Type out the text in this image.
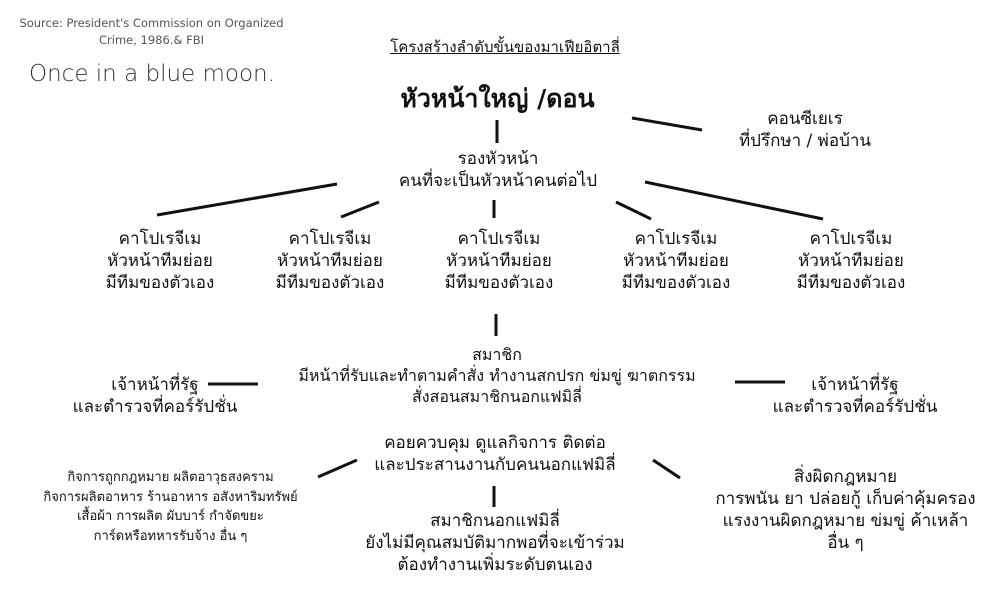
Source: President's Commission on Organized
Crime, 1986.& FBI
Once in a blue moon.
โครงสร้างลำดับขั้นของมาเฟียอิตาลี่
หัวหน้าใหญ่ /ดอน
คอนซีเยเร
ที่ปรึกษา / พ่อบ้าน
รองหัวหน้า
คนที่จะเป็นหัวหน้าคนต่อไป
คาโปเรจีเม
หัวหน้าทีมย่อย
มีทีมของตัวเอง
คาโปเรจีเม
หัวหน้าทีมย่อย
มีทีมของตัวเอง
คาโปเรจีเม
หัวหน้าทีมย่อย
มีทีมของตัวเอง
คาโปเรจีเม
หัวหน้าทีมย่อย
มีทีมของตัวเอง
คาโปเรจีเม
หัวหน้าทีมย่อย
มีทีมของตัวเอง
สมาชิก
มีหน้าที่รับและทำตามคำสั่ง ทำงานสกปรก ข่มขู่ ฆาตกรรม
สั่งสอนสมาชิกนอกแฟมิลี่
เจ้าหน้าที่รัฐ
และตำรวจที่คอร์รัปชั่น
เจ้าหน้าที่รัฐ
และตำรวจที่คอร์รัปชั่น
คอยควบคุม ดูแลกิจการ ติดต่อ
และประสานงานกับคนนอกแฟมิลี่
กิจการถูกกฎหมาย ผลิตอาวุธสงคราม
กิจการผลิตอาหาร ร้านอาหาร อสังหาริมทรัพย์
เสื้อผ้า การผลิต ผับบาร์ กำจัดขยะ
การ์ดหรือทหารรับจ้าง อื่น ๆ
สมาชิกนอกแฟมิลี่
ยังไม่มีคุณสมบัติมากพอที่จะเข้าร่วม
ต้องทำงานเพิ่มระดับตนเอง
สิ่งผิดกฎหมาย
การพนัน ยา ปล่อยกู้ เก็บค่าคุ้มครอง
แรงงานผิดกฎหมาย ข่มขู่ ค้าเหล้า
อื่น ๆ
